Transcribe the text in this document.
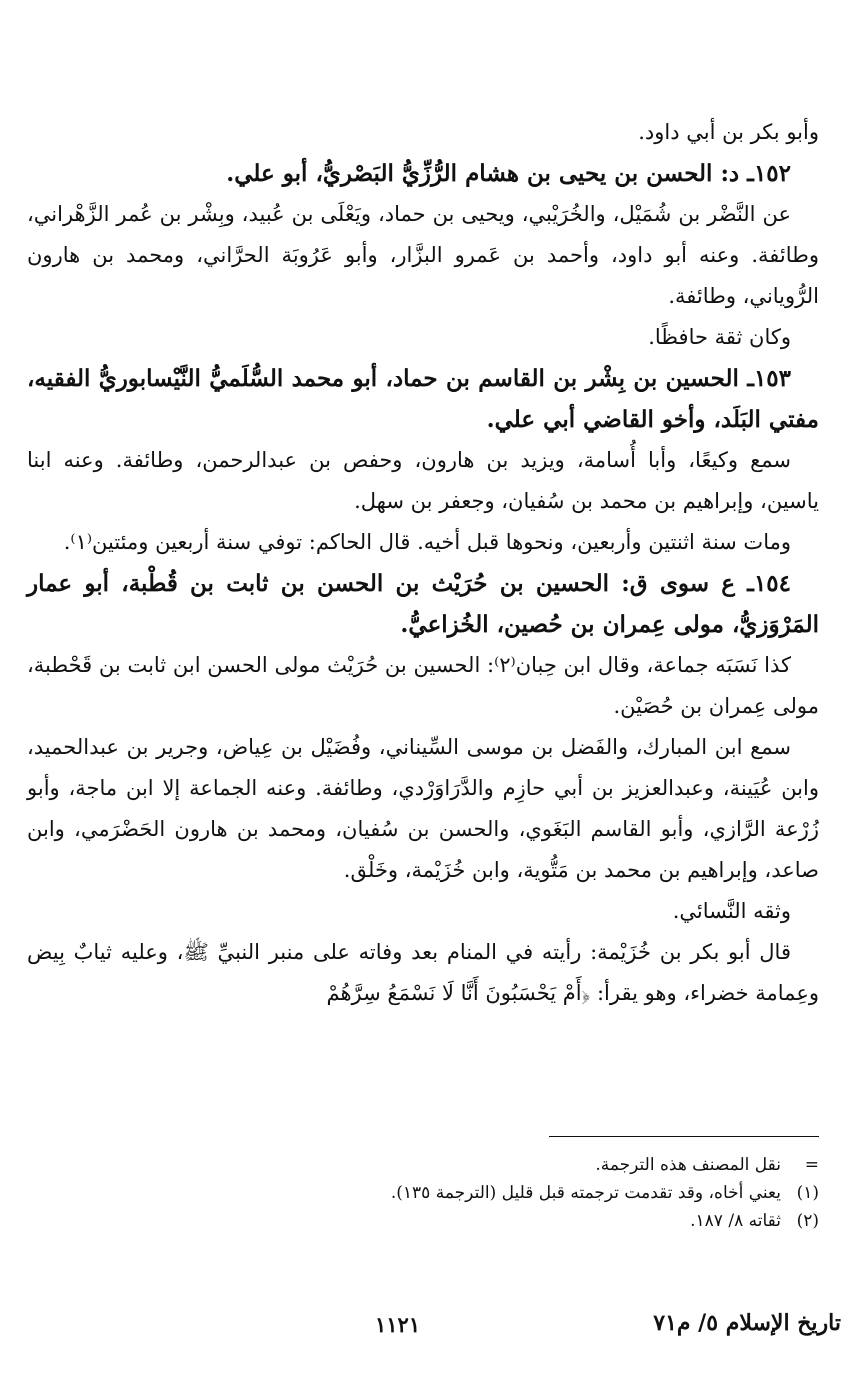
وأبو بكر بن أبي داود.

١٥٢ـ د: الحسن بن يحيى بن هشام الرُّزِّيُّ البَصْريُّ، أبو علي.

عن النَّضْر بن شُمَيْل، والخُرَيْبي، ويحيى بن حماد، ويَعْلَى بن عُبيد، وبِشْر بن عُمر الزَّهْراني، وطائفة. وعنه أبو داود، وأحمد بن عَمرو البزَّار، وأبو عَرُوبَة الحرَّاني، ومحمد بن هارون الرُّوياني، وطائفة.

وكان ثقة حافظًا.

١٥٣ـ الحسين بن بِشْر بن القاسم بن حماد، أبو محمد السُّلَميُّ النَّيْسابوريُّ الفقيه، مفتي البَلَد، وأخو القاضي أبي علي.

سمع وكيعًا، وأبا أُسامة، ويزيد بن هارون، وحفص بن عبدالرحمن، وطائفة. وعنه ابنا ياسين، وإبراهيم بن محمد بن سُفيان، وجعفر بن سهل.

ومات سنة اثنتين وأربعين، ونحوها قبل أخيه. قال الحاكم: توفي سنة أربعين ومئتين⁽١⁾.

١٥٤ـ ع سوى ق: الحسين بن حُرَيْث بن الحسن بن ثابت بن قُطْبة، أبو عمار المَرْوَزيُّ، مولى عِمران بن حُصين، الخُزاعيُّ.

كذا نَسَبَه جماعة، وقال ابن حِبان⁽٢⁾: الحسين بن حُرَيْث مولى الحسن ابن ثابت بن قَحْطبة، مولى عِمران بن حُصَيْن.

سمع ابن المبارك، والفَضل بن موسى السِّيناني، وفُضَيْل بن عِياض، وجرير بن عبدالحميد، وابن عُيَينة، وعبدالعزيز بن أبي حازِم والدَّرَاوَرْدي، وطائفة. وعنه الجماعة إلا ابن ماجة، وأبو زُرْعة الرَّازي، وأبو القاسم البَغَوي، والحسن بن سُفيان، ومحمد بن هارون الحَضْرَمي، وابن صاعد، وإبراهيم بن محمد بن مَتُّوية، وابن خُزَيْمة، وخَلْق.

وثقه النَّسائي.

قال أبو بكر بن خُزَيْمة: رأيته في المنام بعد وفاته على منبر النبيِّ ﷺ، وعليه ثيابٌ بِيض وعِمامة خضراء، وهو يقرأ: ﴿أَمْ يَحْسَبُونَ أَنَّا لَا نَسْمَعُ سِرَّهُمْ

=
نقل المصنف هذه الترجمة.
(١)
يعني أخاه، وقد تقدمت ترجمته قبل قليل (الترجمة ١٣٥).
(٢)
ثقاته ٨/ ١٨٧.
تاريخ الإسلام ٥/ م٧١
١١٢١
